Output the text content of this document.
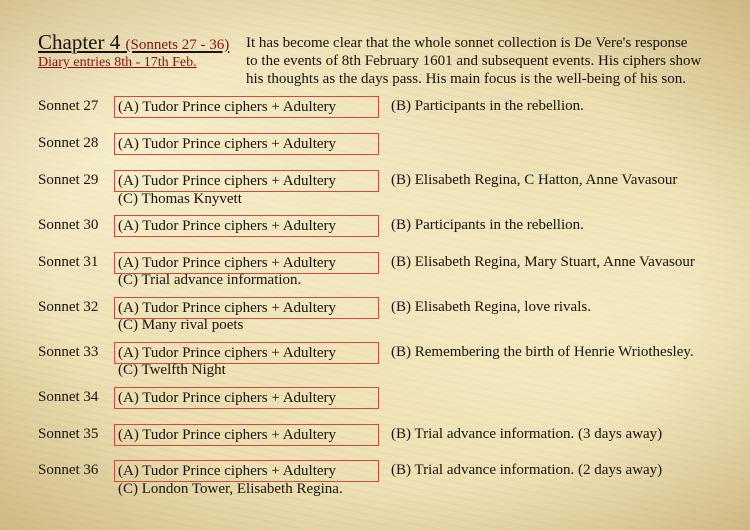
Chapter 4 (Sonnets 27 - 36)
Diary entries 8th - 17th Feb.
It has become clear that the whole sonnet collection is De Vere's response
to the events of 8th February 1601 and subsequent events. His ciphers show
his thoughts as the days pass. His main focus is the well-being of his son.
Sonnet 27 (A) Tudor Prince ciphers + Adultery	(B) Participants in the rebellion.
Sonnet 28 (A) Tudor Prince ciphers + Adultery
Sonnet 29 (A) Tudor Prince ciphers + Adultery	(B) Elisabeth Regina, C Hatton, Anne Vavasour
(C) Thomas Knyvett
Sonnet 30 (A) Tudor Prince ciphers + Adultery	(B) Participants in the rebellion.
Sonnet 31 (A) Tudor Prince ciphers + Adultery	(B) Elisabeth Regina, Mary Stuart, Anne Vavasour
(C) Trial advance information.
Sonnet 32 (A) Tudor Prince ciphers + Adultery	(B) Elisabeth Regina, love rivals.
(C) Many rival poets
Sonnet 33 (A) Tudor Prince ciphers + Adultery	(B) Remembering the birth of Henrie Wriothesley.
(C) Twelfth Night
Sonnet 34 (A) Tudor Prince ciphers + Adultery
Sonnet 35 (A) Tudor Prince ciphers + Adultery	(B) Trial advance information. (3 days away)
Sonnet 36 (A) Tudor Prince ciphers + Adultery	(B) Trial advance information. (2 days away)
(C) London Tower, Elisabeth Regina.
